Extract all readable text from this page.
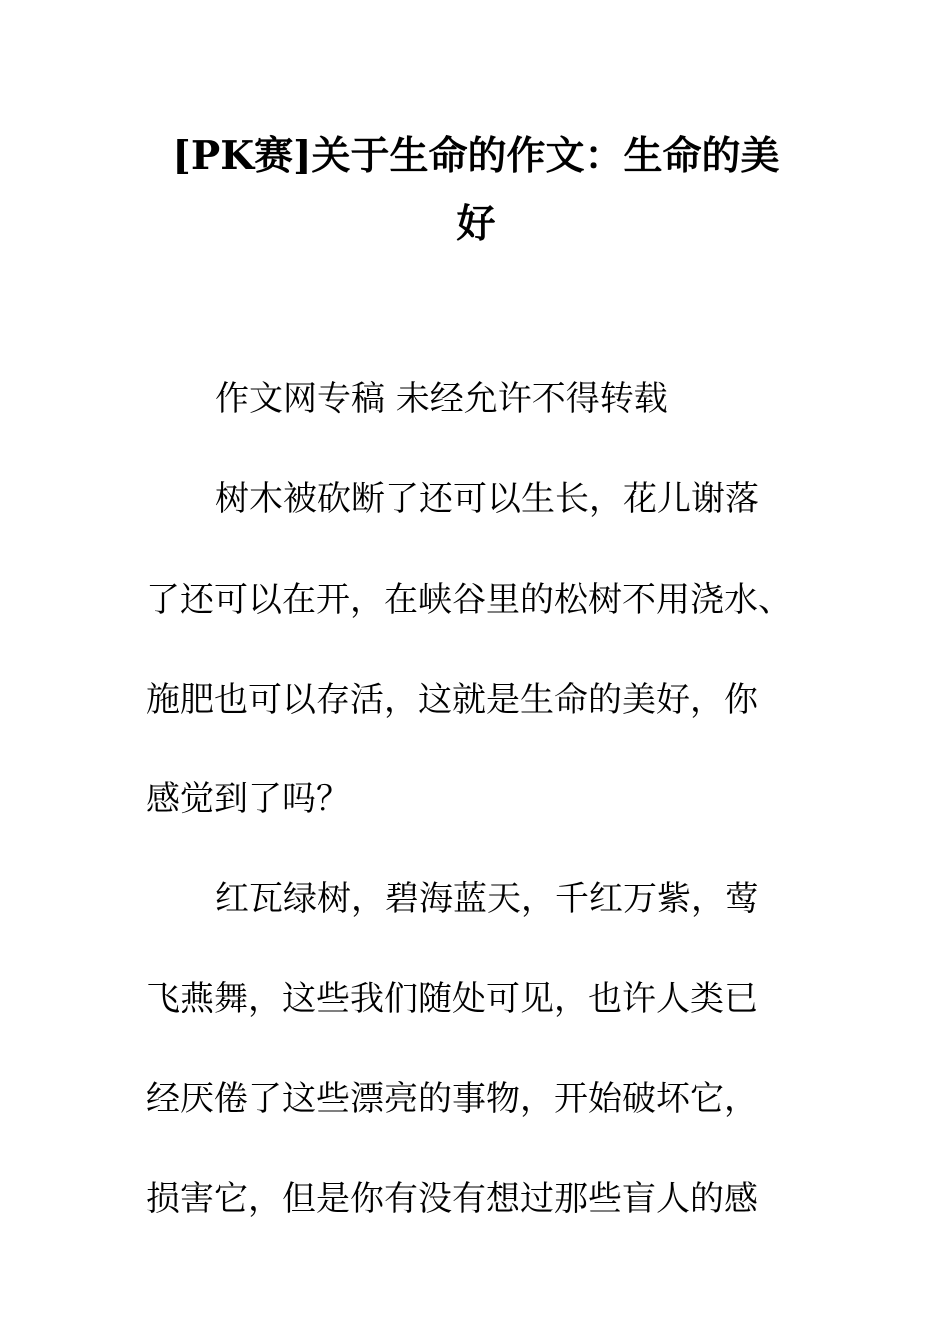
[PK赛]关于生命的作文：生命的美
好

作文网专稿 未经允许不得转载

树木被砍断了还可以生长，花儿谢落

了还可以在开，在峡谷里的松树不用浇水、

施肥也可以存活，这就是生命的美好，你

感觉到了吗？

红瓦绿树，碧海蓝天，千红万紫，莺

飞燕舞，这些我们随处可见，也许人类已

经厌倦了这些漂亮的事物，开始破坏它，

损害它，但是你有没有想过那些盲人的感
